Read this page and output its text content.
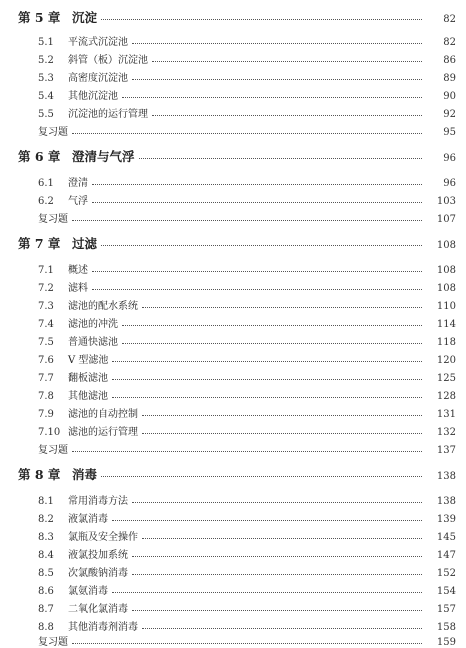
第 5 章 沉淀	82
5.1	平流式沉淀池	82
5.2	斜管（板）沉淀池	86
5.3	高密度沉淀池	89
5.4	其他沉淀池	90
5.5	沉淀池的运行管理	92
复习题	95
第 6 章 澄清与气浮	96
6.1	澄清	96
6.2	气浮	103
复习题	107
第 7 章 过滤	108
7.1	概述	108
7.2	滤料	108
7.3	滤池的配水系统	110
7.4	滤池的冲洗	114
7.5	普通快滤池	118
7.6	V 型滤池	120
7.7	翻板滤池	125
7.8	其他滤池	128
7.9	滤池的自动控制	131
7.10 滤池的运行管理	132
复习题	137
第 8 章 消毒	138
8.1	常用消毒方法	138
8.2	液氯消毒	139
8.3	氯瓶及安全操作	145
8.4	液氯投加系统	147
8.5	次氯酸钠消毒	152
8.6	氯氨消毒	154
8.7	二氧化氯消毒	157
8.8	其他消毒剂消毒	158
复习题	159
